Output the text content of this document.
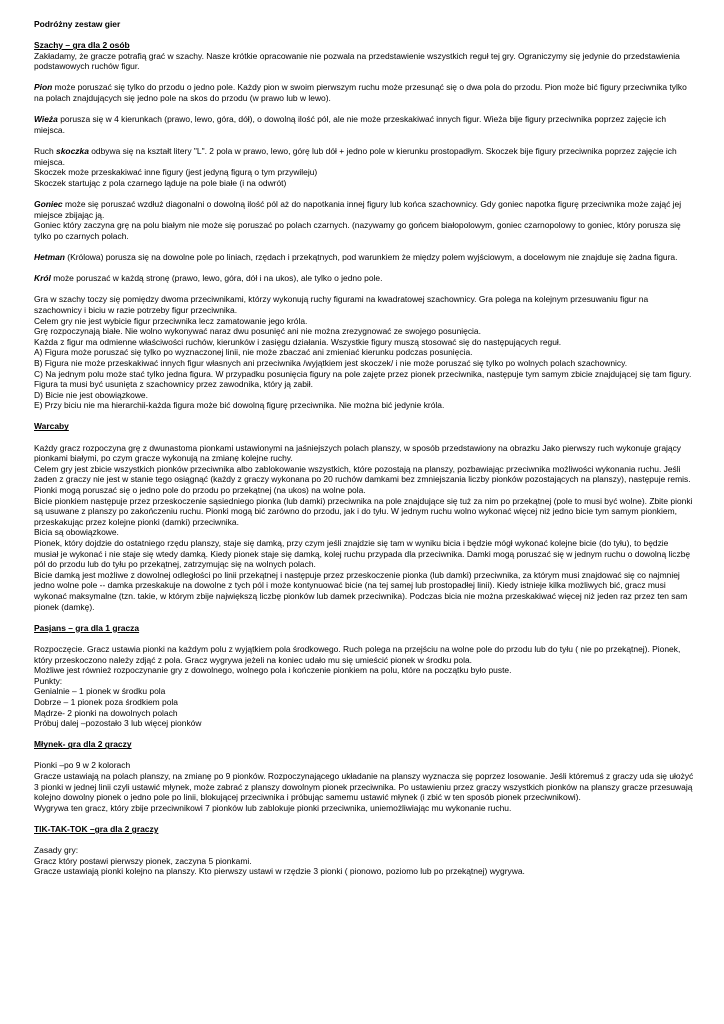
Podróżny zestaw gier

Szachy – gra dla 2 osób

Zakładamy, że gracze potrafią grać w szachy. Nasze krótkie opracowanie nie pozwala na przedstawienie wszystkich reguł tej gry. Ograniczymy się jedynie do przedstawienia podstawowych ruchów figur.

Pion może poruszać się tylko do przodu o jedno pole. Każdy pion w swoim pierwszym ruchu może przesunąć się o dwa pola do przodu. Pion może bić figury przeciwnika tylko na polach znajdujących się jedno pole na skos do przodu (w prawo lub w lewo).

Wieża porusza się w 4 kierunkach (prawo, lewo, góra, dół), o dowolną ilość pól, ale nie może przeskakiwać innych figur. Wieża bije figury przeciwnika poprzez zajęcie ich miejsca.

Ruch skoczka odbywa się na kształt litery "L". 2 pola w prawo, lewo, górę lub dół + jedno pole w kierunku prostopadłym. Skoczek bije figury przeciwnika poprzez zajęcie ich miejsca.

Skoczek może przeskakiwać inne figury (jest jedyną figurą o tym przywileju)

Skoczek startując z pola czarnego ląduje na pole białe (i na odwrót)

Goniec może się poruszać wzdłuż diagonalni o dowolną ilość pól aż do napotkania innej figury lub końca szachownicy. Gdy goniec napotka figurę przeciwnika może zająć jej miejsce zbijając ją.

Goniec który zaczyna grę na polu białym nie może się poruszać po polach czarnych. (nazywamy go gońcem białopolowym, goniec czarnopolowy to goniec, który porusza się tylko po czarnych polach.

Hetman (Królowa) porusza się na dowolne pole po liniach, rzędach i przekątnych, pod warunkiem że między polem wyjściowym, a docelowym nie znajduje się żadna figura.

Król może poruszać w każdą stronę (prawo, lewo, góra, dół i na ukos), ale tylko o jedno pole.

Gra w szachy toczy się pomiędzy dwoma przeciwnikami, którzy wykonują ruchy figurami na kwadratowej szachownicy. Gra polega na kolejnym przesuwaniu figur na szachownicy i biciu w razie potrzeby figur przeciwnika.

Celem gry nie jest wybicie figur przeciwnika lecz zamatowanie jego króla.

Grę rozpoczynają białe. Nie wolno wykonywać naraz dwu posunięć ani nie można zrezygnować ze swojego posunięcia.

Każda z figur ma odmienne właściwości ruchów, kierunków i zasięgu działania. Wszystkie figury muszą stosować się do następujących reguł.

A) Figura może poruszać się tylko po wyznaczonej linii, nie może zbaczać ani zmieniać kierunku podczas posunięcia.

B) Figura nie może przeskakiwać innych figur własnych ani przeciwnika /wyjątkiem jest skoczek/ i nie może poruszać się tylko po wolnych polach szachownicy.

C) Na jednym polu może stać tylko jedna figura. W przypadku posunięcia figury na pole zajęte przez pionek przeciwnika, następuje tym samym zbicie znajdującej się tam figury. Figura ta musi być usunięta z szachownicy przez zawodnika, który ją zabił.

D) Bicie nie jest obowiązkowe.

E) Przy biciu nie ma hierarchii-każda figura może bić dowolną figurę przeciwnika. Nie można bić jedynie króla.

Warcaby

Każdy gracz rozpoczyna grę z dwunastoma pionkami ustawionymi na jaśniejszych polach planszy, w sposób przedstawiony na obrazku Jako pierwszy ruch wykonuje grający pionkami białymi, po czym gracze wykonują na zmianę kolejne ruchy.

Celem gry jest zbicie wszystkich pionków przeciwnika albo zablokowanie wszystkich, które pozostają na planszy, pozbawiając przeciwnika możliwości wykonania ruchu. Jeśli żaden z graczy nie jest w stanie tego osiągnąć (każdy z graczy wykonana po 20 ruchów damkami bez zmniejszania liczby pionków pozostających na planszy), następuje remis. Pionki mogą poruszać się o jedno pole do przodu po przekątnej (na ukos) na wolne pola.

Bicie pionkiem następuje przez przeskoczenie sąsiedniego pionka (lub damki) przeciwnika na pole znajdujące się tuż za nim po przekątnej (pole to musi być wolne). Zbite pionki są usuwane z planszy po zakończeniu ruchu. Pionki mogą bić zarówno do przodu, jak i do tyłu. W jednym ruchu wolno wykonać więcej niż jedno bicie tym samym pionkiem, przeskakując przez kolejne pionki (damki) przeciwnika.

Bicia są obowiązkowe.

Pionek, który dojdzie do ostatniego rzędu planszy, staje się damką, przy czym jeśli znajdzie się tam w wyniku bicia i będzie mógł wykonać kolejne bicie (do tyłu), to będzie musiał je wykonać i nie staje się wtedy damką. Kiedy pionek staje się damką, kolej ruchu przypada dla przeciwnika. Damki mogą poruszać się w jednym ruchu o dowolną liczbę pól do przodu lub do tyłu po przekątnej, zatrzymując się na wolnych polach.

Bicie damką jest możliwe z dowolnej odległości po linii przekątnej i następuje przez przeskoczenie pionka (lub damki) przeciwnika, za którym musi znajdować się co najmniej jedno wolne pole -- damka przeskakuje na dowolne z tych pól i może kontynuować bicie (na tej samej lub prostopadłej linii). Kiedy istnieje kilka możliwych bić, gracz musi wykonać maksymalne (tzn. takie, w którym zbije największą liczbę pionków lub damek przeciwnika). Podczas bicia nie można przeskakiwać więcej niż jeden raz przez ten sam pionek (damkę).

Pasjans – gra dla 1 gracza

Rozpoczęcie. Gracz ustawia pionki na każdym polu z wyjątkiem pola środkowego. Ruch polega na przejściu na wolne pole do przodu lub do tyłu ( nie po przekątnej). Pionek, który przeskoczono należy zdjąć z pola. Gracz wygrywa jeżeli na koniec udało mu się umieścić pionek w środku pola.

Możliwe jest również rozpoczynanie gry z dowolnego, wolnego pola i kończenie pionkiem na polu, które na początku było puste.

Punkty:

Genialnie – 1 pionek w środku pola

Dobrze – 1 pionek poza środkiem pola

Mądrze- 2 pionki na dowolnych polach

Próbuj dalej –pozostało 3 lub więcej pionków

Młynek- gra dla 2 graczy

Pionki –po 9 w 2 kolorach

Gracze ustawiają na polach planszy, na zmianę po 9 pionków. Rozpoczynającego układanie na planszy wyznacza się poprzez losowanie. Jeśli któremuś z graczy uda się ułożyć 3 pionki w jednej linii czyli ustawić młynek, może zabrać z planszy dowolnym pionek przeciwnika. Po ustawieniu przez graczy wszystkich pionków na planszy gracze przesuwają kolejno dowolny pionek o jedno pole po linii, blokującej przeciwnika i próbując samemu ustawić młynek (i zbić w ten sposób pionek przeciwnikowi).

Wygrywa ten gracz, który zbije przeciwnikowi 7 pionków lub zablokuje pionki przeciwnika, uniemożliwiając mu wykonanie ruchu.

TIK-TAK-TOK –gra dla 2 graczy

Zasady gry:

Gracz który postawi pierwszy pionek, zaczyna 5 pionkami.

Gracze ustawiają pionki kolejno na planszy. Kto pierwszy ustawi w rzędzie 3 pionki ( pionowo, poziomo lub po przekątnej) wygrywa.
